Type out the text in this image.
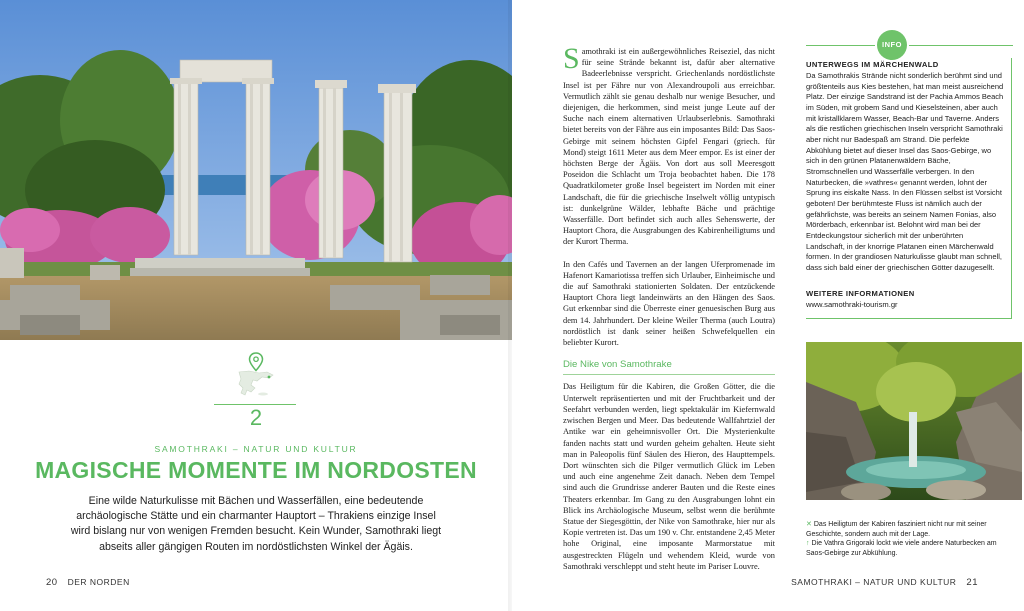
2
SAMOTHRAKI – NATUR UND KULTUR
MAGISCHE MOMENTE IM NORDOSTEN
Eine wilde Naturkulisse mit Bächen und Wasserfällen, eine bedeutende archäologische Stätte und ein charmanter Hauptort – Thrakiens einzige Insel wird bislang nur von wenigen Fremden besucht. Kein Wunder, Samothraki liegt abseits aller gängigen Routen im nordöstlichsten Winkel der Ägäis.
20 DER NORDEN

Samothraki ist ein außergewöhnliches Reiseziel, das nicht für seine Strände bekannt ist, dafür aber alternative Badeerlebnisse verspricht. Griechenlands nordöstlichste Insel ist per Fähre nur von Alexandroupoli aus erreichbar. Vermutlich zählt sie genau deshalb nur wenige Besucher, und diejenigen, die herkommen, sind meist junge Leute auf der Suche nach einem alternativen Urlaubserlebnis. Samothraki bietet bereits von der Fähre aus ein imposantes Bild: Das Saos-Gebirge mit seinem höchsten Gipfel Fengari (griech. für Mond) steigt 1611 Meter aus dem Meer empor. Es ist einer der höchsten Berge der Ägäis. Von dort aus soll Meeresgott Poseidon die Schlacht um Troja beobachtet haben. Die 178 Quadratkilometer große Insel begeistert im Norden mit einer Landschaft, die für die griechische Inselwelt völlig untypisch ist: dunkelgrüne Wälder, lebhafte Bäche und prächtige Wasserfälle. Dort befindet sich auch alles Sehenswerte, der Hauptort Chora, die Ausgrabungen des Kabirenheiligtums und der Kurort Therma.

In den Cafés und Tavernen an der langen Uferpromenade im Hafenort Kamariotissa treffen sich Urlauber, Einheimische und die auf Samothraki stationierten Soldaten. Der entzückende Hauptort Chora liegt landeinwärts an den Hängen des Saos. Gut erkennbar sind die Überreste einer genuesischen Burg aus dem 14. Jahrhundert. Der kleine Weiler Therma (auch Loutra) nordöstlich ist dank seiner heißen Schwefelquellen ein beliebter Kurort.

Die Nike von Samothrake

Das Heiligtum für die Kabiren, die Großen Götter, die die Unterwelt repräsentierten und mit der Fruchtbarkeit und der Seefahrt verbunden werden, liegt spektakulär im Kiefernwald zwischen Bergen und Meer. Das bedeutende Wallfahrtziel der Antike war ein geheimnisvoller Ort. Die Mysterienkulte fanden nachts statt und wurden geheim gehalten. Heute sieht man in Paleopolis fünf Säulen des Hieron, des Haupttempels. Dort wünschten sich die Pilger vermutlich Glück im Leben und auch eine angenehme Zeit danach. Neben dem Tempel sind auch die Grundrisse anderer Bauten und die Reste eines Theaters erkennbar. Im Gang zu den Ausgrabungen lohnt ein Blick ins Archäologische Museum, selbst wenn die berühmte Statue der Siegesgöttin, der Nike von Samothrake, hier nur als Kopie vertreten ist. Das um 190 v. Chr. entstandene 2,45 Meter hohe Original, eine imposante Marmorstatue mit ausgestreckten Flügeln und wehendem Kleid, wurde von Samothraki verschleppt und steht heute im Pariser Louvre.

INFO
UNTERWEGS IM MÄRCHENWALD
Da Samothrakis Strände nicht sonderlich berühmt sind und größtenteils aus Kies bestehen, hat man meist ausreichend Platz. Der einzige Sandstrand ist der Pachia Ammos Beach im Süden, mit grobem Sand und Kieselsteinen, aber auch mit kristallklarem Wasser, Beach-Bar und Taverne. Anders als die restlichen griechischen Inseln verspricht Samothraki aber nicht nur Badespaß am Strand. Die perfekte Abkühlung bietet auf dieser Insel das Saos-Gebirge, wo sich in den grünen Platanenwäldern Bäche, Stromschnellen und Wasserfälle verbergen. In den Naturbecken, die »vathres« genannt werden, lohnt der Sprung ins eiskalte Nass. In den Flüssen selbst ist Vorsicht geboten! Der berühmteste Fluss ist nämlich auch der gefährlichste, was bereits an seinem Namen Fonias, also Mörderbach, erkennbar ist. Belohnt wird man bei der Entdeckungstour sicherlich mit der unberührten Landschaft, in der knorrige Platanen einen Märchenwald formen. In der grandiosen Naturkulisse glaubt man schnell, dass sich bald einer der griechischen Götter dazugesellt.
WEITERE INFORMATIONEN
www.samothraki-tourism.gr
✕ Das Heiligtum der Kabiren fasziniert nicht nur mit seiner Geschichte, sondern auch mit der Lage.
↑ Die Vathra Grigoraki lockt wie viele andere Naturbecken am Saos-Gebirge zur Abkühlung.
SAMOTHRAKI – NATUR UND KULTUR 21
